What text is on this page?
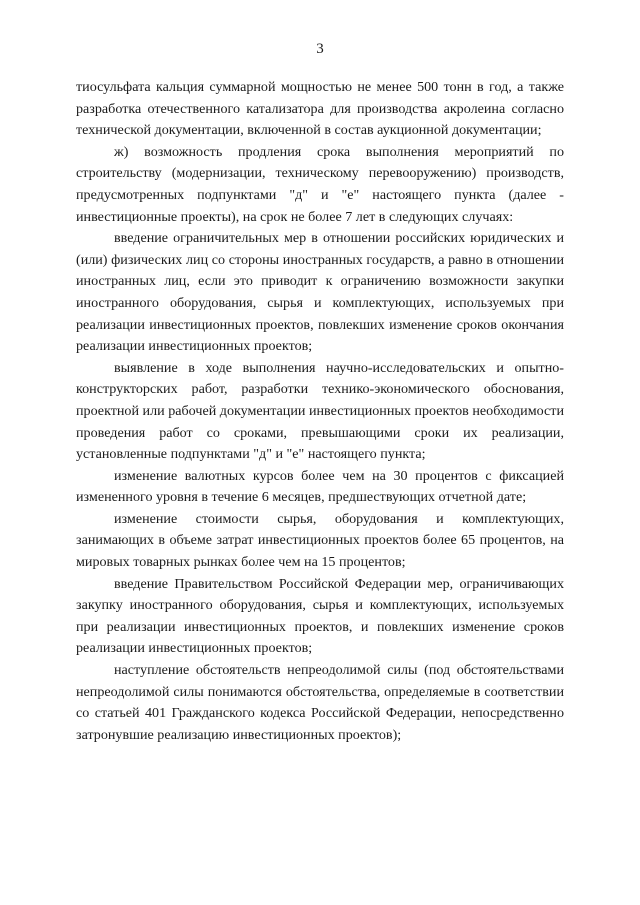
3

тиосульфата кальция суммарной мощностью не менее 500 тонн в год, а также разработка отечественного катализатора для производства акролеина согласно технической документации, включенной в состав аукционной документации;

ж) возможность продления срока выполнения мероприятий по строительству (модернизации, техническому перевооружению) производств, предусмотренных подпунктами "д" и "е" настоящего пункта (далее - инвестиционные проекты), на срок не более 7 лет в следующих случаях:

введение ограничительных мер в отношении российских юридических и (или) физических лиц со стороны иностранных государств, а равно в отношении иностранных лиц, если это приводит к ограничению возможности закупки иностранного оборудования, сырья и комплектующих, используемых при реализации инвестиционных проектов, повлекших изменение сроков окончания реализации инвестиционных проектов;

выявление в ходе выполнения научно-исследовательских и опытно-конструкторских работ, разработки технико-экономического обоснования, проектной или рабочей документации инвестиционных проектов необходимости проведения работ со сроками, превышающими сроки их реализации, установленные подпунктами "д" и "е" настоящего пункта;

изменение валютных курсов более чем на 30 процентов с фиксацией измененного уровня в течение 6 месяцев, предшествующих отчетной дате;

изменение стоимости сырья, оборудования и комплектующих, занимающих в объеме затрат инвестиционных проектов более 65 процентов, на мировых товарных рынках более чем на 15 процентов;

введение Правительством Российской Федерации мер, ограничивающих закупку иностранного оборудования, сырья и комплектующих, используемых при реализации инвестиционных проектов, и повлекших изменение сроков реализации инвестиционных проектов;

наступление обстоятельств непреодолимой силы (под обстоятельствами непреодолимой силы понимаются обстоятельства, определяемые в соответствии со статьей 401 Гражданского кодекса Российской Федерации, непосредственно затронувшие реализацию инвестиционных проектов);
